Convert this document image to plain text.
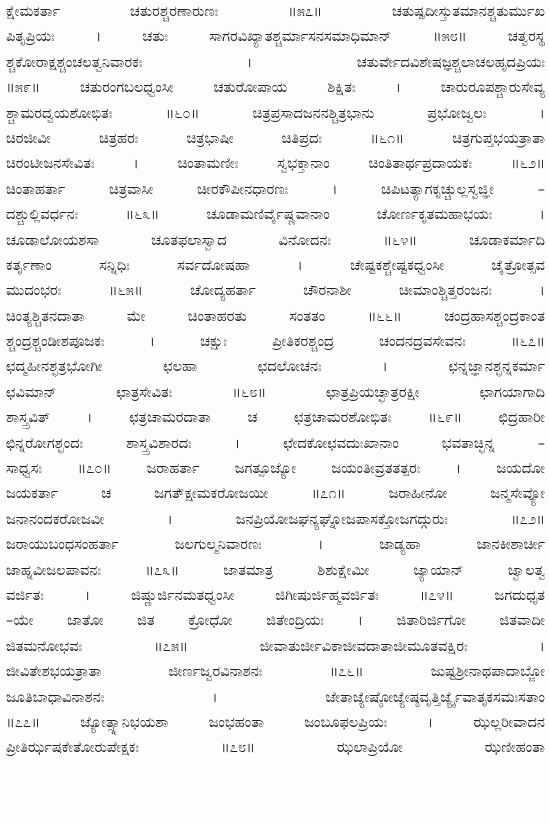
ಕ್ಷೇಮಕರ್ತಾ ಚತುರಶ್ಚರಣಾರುಣಃ ॥೫೭॥ ಚತುಷ್ಪದೀಸ್ತುತಮಾನಶ್ಚತುರ್ಮುಖ
ಪಿತೃಪ್ರಿಯಃ । ಚತುಃ ಸಾಗರವಿಖ್ಯಾತಶ್ಚರ್ಮಾಸನಸಮಾಧಿಮಾನ್ ॥೫೮॥ ಚತ್ವರಸ್ಥ
ಶ್ಚಕೋರಾಕ್ಷಶ್ಚಂಚಲತ್ವನಿವಾರಕಃ । ಚತುರ್ವೇದವಿಶೇಷಜ್ಞಶ್ಚಲಾಚಲಹೃದಪ್ರಿಯಃ
॥೫೯॥ ಚತುರಂಗಬಲಧ್ವಂಸೀ ಚತುರೋಪಾಯ ಶಿಕ್ಷಿತಃ । ಚಾರುರೂಪಶ್ಚಾರುಸೇವ್ಯ
ಶ್ಚಾಮರದ್ವಯಶೋಭಿತಃ ॥೬೦॥ ಚಿತ್ರಪ್ರಸಾದಜನನಶ್ಚಿತ್ರಭಾನು ಪ್ರಭೋಜ್ವಲಃ ।
ಚಿರಜೀವೀ ಚಿತ್ರಹರಃ ಚಿತ್ರಭಾಷೀ ಚಿತಿಪ್ರದಃ ॥೬೧॥ ಚಿತ್ರಗುಪ್ತಭಯತ್ರಾತಾ
ಚಿರಂಟೀಜನಸೇವಿತಃ । ಚಿಂತಾಮಣೀಃ ಸ್ವಭಕ್ತಾನಾಂ ಚಿಂತಿತಾರ್ಥಪ್ರದಾಯಕಃ ॥೬೨॥
ಚಿಂತಾಹರ್ತಾ ಚಿತ್ರವಾಸೀ ಚೀರಕೌಪೀನಧಾರಣಃ । ಚಿಪಿಟತ್ಯಾಗಕೃಚ್ಚುಲ್ಲಸ್ವಜ್ಞೀ –
ದಶ್ಚುಲ್ಲಿವರ್ಧನಃ ॥೬೩॥ ಚೂಡಾಮಣಿರ್ವೈಷ್ಣವಾನಾಂ ಚೋರ್ಣಕೃತಮಹಾಭಯಃ ।
ಚೂಡಾಲೋಯಶಸಾ ಚೂತಫಲಾಸ್ವಾದ ವಿನೋದನಃ ॥೬೪॥ ಚೂಡಾಕರ್ಮಾದಿ
ಕರ್ತೃಣಾಂ ಸನ್ನಿಧಿಃ ಸರ್ವದೋಷಹಾ । ಚೇಷ್ಟಕಶ್ಚೇಷ್ಟಕಧ್ವಂಸೀ ಚೈತ್ರೋತ್ಸವ
ಮುದಂಭರಃ ॥೬೫॥ ಚೋದ್ಯಹರ್ತಾ ಚೌರನಾಶೀ ಚೀಮಾಂಶ್ಚಿತ್ತರಂಜನಃ ।
ಚಿಂತ್ಯಶ್ಚಿತನದಾತಾ ಮೇ ಚಿಂತಾಹರತು ಸಂತತಂ ॥೬೬॥ ಚಂದ್ರಹಾಸಶ್ಚಂದ್ರಕಾಂತ
ಶ್ಚಂದ್ರಶ್ಚಂಡೀಶಪೂಜಕಃ । ಚಕ್ಷುಃ ಪ್ರೀತಿಕರಶ್ಚಂದ್ರ ಚಂದನದ್ರವಸೇವನಃ ॥೬೭॥
ಛದ್ಮಹೀನಶ್ಛತ್ರಭೋಗೀ ಛಲಹಾ ಛದಲೋಚನಃ । ಛನ್ನಜ್ಞಾನಶ್ಛನ್ನಕರ್ಮಾ
ಛವಿಮಾನ್ ಛಾತ್ರಸೇವಿತಃ ॥೬೮॥ ಛಾತ್ರಪ್ರಿಯಚ್ಛಾತ್ರರಕ್ಷೀ ಛಾಗಯಾಗಾದಿ
ಶಾಸ್ತ್ರವಿತ್ । ಛತ್ರಚಾಮರದಾತಾ ಚ ಛತ್ರಚಾಮರಶೋಭಿತಃ ॥೬೯॥ ಛಿದ್ರಹಾರೀ
ಛಿನ್ನರೋಗಶ್ಛಂದಃ ಶಾಸ್ತ್ರವಿಶಾರದಃ । ಛೇದಕೋಛವದುಃಖಾನಾಂ ಭವತಾಚ್ಛಿನ್ನ –
ಸಾಧ್ವಸಃ ॥೭೦॥ ಜರಾಹರ್ತಾ ಜಗತ್ಪೂಜ್ಯೋ ಜಯಂತೀವ್ರತತತ್ಪರಃ । ಜಯದೋ
ಜಯಕರ್ತಾ ಚ ಜಗತ್ಕ್ಷೇಮಕರೋಜಯೀ ॥೭೧॥ ಜರಾಹೀನೋ ಜನ್ಮಸೇವ್ಯೋ
ಜನಾನಂದಕರೋಜವೀ । ಜನಪ್ರಿಯೋಜಘನ್ಯಘ್ನೋಜಪಾಸಕ್ತೋಜಗದ್ಗುರುಃ ॥೭೨॥
ಜರಾಯುಬಂಧಸಂಹರ್ತಾ ಜಲಗುಲ್ಮನಿವಾರಣಃ । ಜಾಡ್ಯಹಾ ಜಾನಕೀಶಾರ್ಚೀ
ಜಾಹ್ನವೀಜಲಪಾವನಃ ॥೭೩॥ ಜಾತಮಾತ್ರ ಶಿಶುಕ್ಷೇಮೀ ಜ್ಯಾಯಾನ್ ಜ್ವಾಲತ್ವ
ವರ್ಜಿತಃ । ಜಿಷ್ಣುರ್ಜಿನಮತಧ್ವಂಸೀ ಜಿಗೀಷುರ್ಜಿಹ್ಮವರ್ಜಿತಃ ॥೭೪॥ ಜಗದುಧೃತ
–ಯೇ ಜಾತೋ ಜಿತ ಕ್ರೋಧೋ ಜಿತೇಂದ್ರಿಯಃ । ಜಿತಾರಿರ್ಜಿಗೋ ಜಿತವಾದೀ
ಜಿತಮನೋಭವಃ ॥೭೫॥ ಜೀವಾತುರ್ಜೀವಿಕಾಜೀವದಾತಾಜೀಮೂತವಕ್ಷಿರಃ ।
ಜೀವಿತೇಶಭಯತ್ರಾತಾ ಜೀರ್ಣಜ್ವರವಿನಾಶನಃ ॥೭೬॥ ಜುಷ್ಟಶ್ರೀನಾಥಪಾದಾಬ್ಜೋ
ಜೂತಿಬಾಧಾವಿನಾಶನಃ । ಜೇತಾಜ್ಯೇಷ್ಠೋಜ್ಯೇಷ್ಠವೃತ್ತಿರ್ಜ್ಯೈವಾತೃಕಸಮಃಸತಾಂ
॥೭೭॥ ಜ್ಯೋತ್ಸ್ನಾನಿಭಯಶಾ ಜಂಭಹಂತಾ ಜಂಬೂಫಲಪ್ರಿಯಃ । ಝಲ್ಲರೀವಾದನ
ಪ್ರೀತಿರ್ಝಷಕೇತೋರುಪೇಕ್ಷಕಃ ॥೭೮॥ ಝಲಾಪ್ರಿಯೋ ಝಣೀಹಂತಾ
